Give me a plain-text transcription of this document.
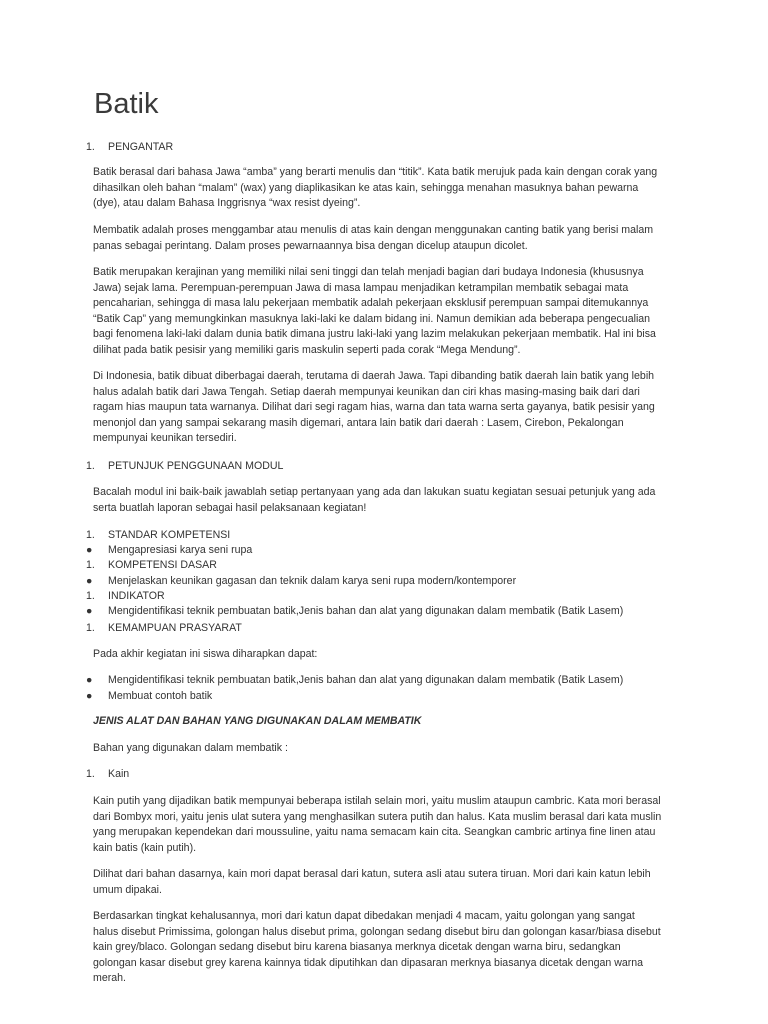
Batik
1. PENGANTAR
Batik berasal dari bahasa Jawa “amba” yang berarti menulis dan “titik”. Kata batik merujuk pada kain dengan corak yang dihasilkan oleh bahan “malam” (wax) yang diaplikasikan ke atas kain, sehingga menahan masuknya bahan pewarna (dye), atau dalam Bahasa Inggrisnya “wax resist dyeing”.
Membatik adalah proses menggambar atau menulis di atas kain dengan menggunakan canting batik yang berisi malam panas sebagai perintang. Dalam proses pewarnaannya bisa dengan dicelup ataupun dicolet.
Batik merupakan kerajinan yang memiliki nilai seni tinggi dan telah menjadi bagian dari budaya Indonesia (khususnya Jawa) sejak lama. Perempuan-perempuan Jawa di masa lampau menjadikan ketrampilan membatik sebagai mata pencaharian, sehingga di masa lalu pekerjaan membatik adalah pekerjaan eksklusif perempuan sampai ditemukannya “Batik Cap” yang memungkinkan masuknya laki-laki ke dalam bidang ini. Namun demikian ada beberapa pengecualian bagi fenomena laki-laki dalam dunia batik dimana justru laki-laki yang lazim melakukan pekerjaan membatik. Hal ini bisa dilihat pada batik pesisir yang memiliki garis maskulin seperti pada corak “Mega Mendung”.
Di Indonesia, batik dibuat diberbagai daerah, terutama di daerah Jawa. Tapi dibanding batik daerah lain batik yang lebih halus adalah batik dari Jawa Tengah. Setiap daerah mempunyai keunikan dan ciri khas masing-masing baik dari dari ragam hias maupun tata warnanya. Dilihat dari segi ragam hias, warna dan tata warna serta gayanya, batik pesisir yang menonjol dan yang sampai sekarang masih digemari, antara lain batik dari daerah : Lasem, Cirebon, Pekalongan mempunyai keunikan tersediri.
1. PETUNJUK PENGGUNAAN MODUL
Bacalah modul ini baik-baik jawablah setiap pertanyaan yang ada dan lakukan suatu kegiatan sesuai petunjuk yang ada serta buatlah laporan sebagai hasil pelaksanaan kegiatan!
1. STANDAR KOMPETENSI
● Mengapresiasi karya seni rupa
1. KOMPETENSI DASAR
● Menjelaskan keunikan gagasan dan teknik dalam karya seni rupa modern/kontemporer
1. INDIKATOR
● Mengidentifikasi teknik pembuatan batik,Jenis bahan dan alat yang digunakan dalam membatik (Batik Lasem)
1. KEMAMPUAN PRASYARAT
Pada akhir kegiatan ini siswa diharapkan dapat:
● Mengidentifikasi teknik pembuatan batik,Jenis bahan dan alat yang digunakan dalam membatik (Batik Lasem)
● Membuat contoh batik
JENIS ALAT DAN BAHAN YANG DIGUNAKAN DALAM MEMBATIK
Bahan yang digunakan dalam membatik :
1. Kain
Kain putih yang dijadikan batik mempunyai beberapa istilah selain mori, yaitu muslim ataupun cambric. Kata mori berasal dari Bombyx mori, yaitu jenis ulat sutera yang menghasilkan sutera putih dan halus. Kata muslim berasal dari kata muslin yang merupakan kependekan dari moussuline, yaitu nama semacam kain cita. Seangkan cambric artinya fine linen atau kain batis (kain putih).
Dilihat dari bahan dasarnya, kain mori dapat berasal dari katun, sutera asli atau sutera tiruan. Mori dari kain katun lebih umum dipakai.
Berdasarkan tingkat kehalusannya, mori dari katun dapat dibedakan menjadi 4 macam, yaitu golongan yang sangat halus disebut Primissima, golongan halus disebut prima, golongan sedang disebut biru dan golongan kasar/biasa disebut kain grey/blaco. Golongan sedang disebut biru karena biasanya merknya dicetak dengan warna biru, sedangkan golongan kasar disebut grey karena kainnya tidak diputihkan dan dipasaran merknya biasanya dicetak dengan warna merah.
